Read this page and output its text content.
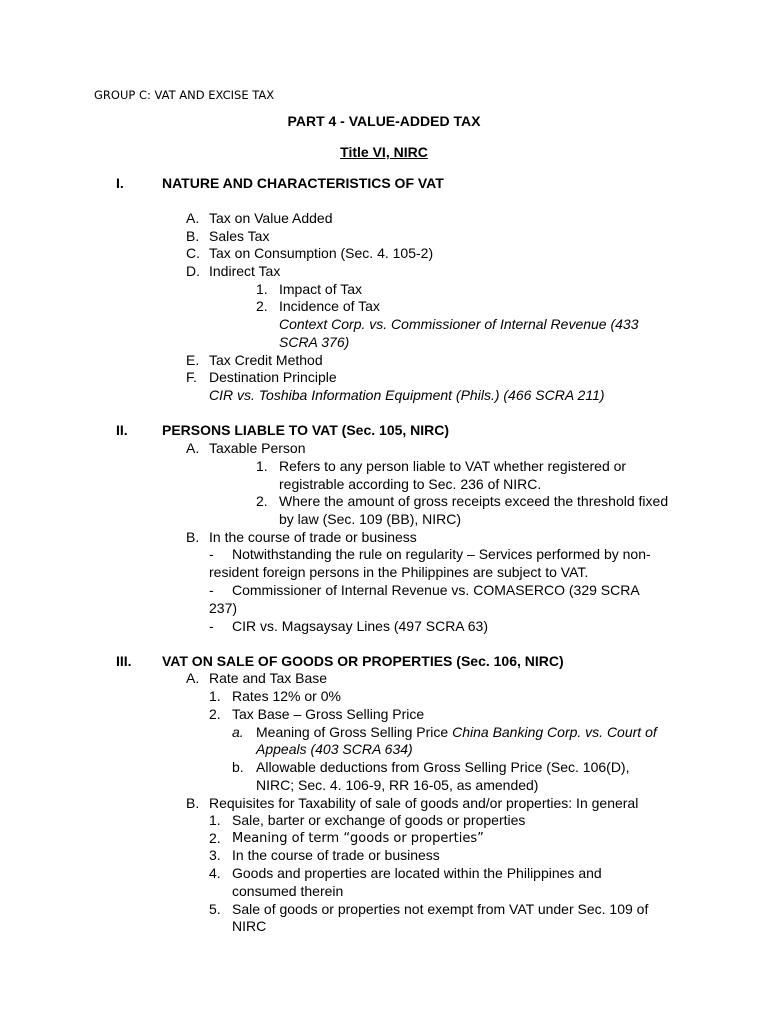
GROUP C: VAT AND EXCISE TAX
PART 4 - VALUE-ADDED TAX
Title VI, NIRC
I.	NATURE AND CHARACTERISTICS OF VAT
A. Tax on Value Added
B. Sales Tax
C. Tax on Consumption (Sec. 4. 105-2)
D. Indirect Tax
1. Impact of Tax
2. Incidence of Tax
Context Corp. vs. Commissioner of Internal Revenue (433
SCRA 376)
E. Tax Credit Method
F. Destination Principle
CIR vs. Toshiba Information Equipment (Phils.) (466 SCRA 211)
II. PERSONS LIABLE TO VAT (Sec. 105, NIRC)
A. Taxable Person
1. Refers to any person liable to VAT whether registered or
registrable according to Sec. 236 of NIRC.
2. Where the amount of gross receipts exceed the threshold fixed
by law (Sec. 109 (BB), NIRC)
B. In the course of trade or business
- Notwithstanding the rule on regularity – Services performed by non-
resident foreign persons in the Philippines are subject to VAT.
- Commissioner of Internal Revenue vs. COMASERCO (329 SCRA
237)
- CIR vs. Magsaysay Lines (497 SCRA 63)
III. VAT ON SALE OF GOODS OR PROPERTIES (Sec. 106, NIRC)
A. Rate and Tax Base
1. Rates 12% or 0%
2. Tax Base – Gross Selling Price
a. Meaning of Gross Selling Price China Banking Corp. vs. Court of
Appeals (403 SCRA 634)
b. Allowable deductions from Gross Selling Price (Sec. 106(D),
NIRC; Sec. 4. 106-9, RR 16-05, as amended)
B. Requisites for Taxability of sale of goods and/or properties: In general
1. Sale, barter or exchange of goods or properties
2. Meaning of term “goods or properties”
3. In the course of trade or business
4. Goods and properties are located within the Philippines and
consumed therein
5. Sale of goods or properties not exempt from VAT under Sec. 109 of
NIRC
